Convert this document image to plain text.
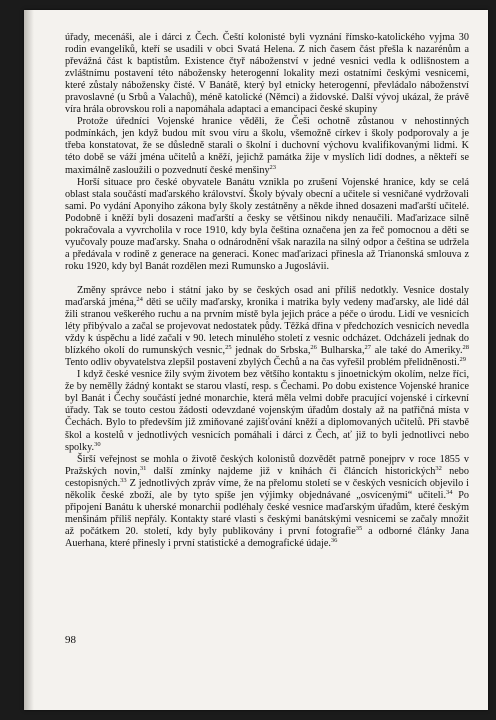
úřady, mecenáši, ale i dárci z Čech. Čeští kolonisté byli vyznání římsko-katolického vyjma 30 rodin evangelíků, kteří se usadili v obci Svatá Helena. Z nich časem část přešla k nazarénům a převážná část k baptistům. Existence čtyř náboženství v jedné vesnici vedla k odlišnostem a zvláštnímu postavení této nábožensky heterogenní lokality mezi ostatními českými vesnicemi, které zůstaly nábožensky čisté. V Banátě, který byl etnicky heterogenní, převládalo náboženství pravoslavné (u Srbů a Valachů), méně katolické (Němci) a židovské. Další vývoj ukázal, že právě víra hrála obrovskou roli a napomáhala adaptaci a emancipaci české skupiny

Protože úředníci Vojenské hranice věděli, že Češi ochotně zůstanou v nehostinných podmínkách, jen když budou mít svou víru a školu, všemožně církev i školy podporovaly a je třeba konstatovat, že se důsledně starali o školní i duchovní výchovu kvalifikovanými lidmi. K této době se váží jména učitelů a kněží, jejichž památka žije v myslích lidí dodnes, a někteří se maximálně zasloužili o pozvednutí české menšiny$^{23}$

Horší situace pro české obyvatele Banátu vznikla po zrušení Vojenské hranice, kdy se celá oblast stala součástí maďarského království. Školy bývaly obecní a učitele si vesničané vydržovali sami. Po vydání Aponyiho zákona byly školy zestátněny a někde ihned dosazeni maďarští učitelé. Podobně i kněží byli dosazeni maďarští a česky se většinou nikdy nenaučili. Maďarizace silně pokračovala a vyvrcholila v roce 1910, kdy byla čeština označena jen za řeč pomocnou a děti se vyučovaly pouze maďarsky. Snaha o odnárodnění však narazila na silný odpor a čeština se udržela a předávala v rodině z generace na generaci. Konec maďarizaci přinesla až Trianonská smlouva z roku 1920, kdy byl Banát rozdělen mezi Rumunsko a Jugoslávii.

Změny správce nebo i státní jako by se českých osad ani příliš nedotkly. Vesnice dostaly maďarská jména,$^{24}$ děti se učily maďarsky, kronika i matrika byly vedeny maďarsky, ale lidé dál žili stranou veškerého ruchu a na prvním místě byla jejich práce a péče o úrodu. Lidí ve vesnicích léty přibývalo a začal se projevovat nedostatek půdy. Těžká dřina v předchozích vesnicích nevedla vždy k úspěchu a lidé začali v 90. letech minulého století z vesnic odcházet. Odcházeli jednak do blízkého okolí do rumunských vesnic,$^{25}$ jednak do Srbska,$^{26}$ Bulharska,$^{27}$ ale také do Ameriky.$^{28}$ Tento odliv obyvatelstva zlepšil postavení zbylých Čechů a na čas vyřešil problém přelidněnosti.$^{29}$

I když české vesnice žily svým životem bez většího kontaktu s jinoetnickým okolím, nelze říci, že by nemělly žádný kontakt se starou vlastí, resp. s Čechami. Po dobu existence Vojenské hranice byl Banát i Čechy součástí jedné monarchie, která měla velmi dobře pracující vojenské i církevní úřady. Tak se touto cestou žádosti odevzdané vojenským úřadům dostaly až na patřičná místa v Čechách. Bylo to především již zmiňované zajišťování kněží a diplomovaných učitelů. Při stavbě škol a kostelů v jednotlivých vesnicích pomáhali i dárci z Čech, ať již to byli jednotlivci nebo spolky.$^{30}$

Širší veřejnost se mohla o životě českých kolonistů dozvědět patrně ponejprv v roce 1855 v Pražských novin,$^{31}$ další zmínky najdeme již v knihách či článcích historických$^{32}$ nebo cestopisných.$^{33}$ Z jednotlivých zpráv víme, že na přelomu století se v českých vesnicích objevilo i několik české zboží, ale by tyto spíše jen výjimky objednávané „osvícenými“ učiteli.$^{34}$ Po připojení Banátu k uherské monarchii podléhaly české vesnice maďarským úřadům, které českým menšinám příliš nepřály. Kontakty staré vlasti s českými banátskými vesnicemi se začaly množit až počátkem 20. století, kdy byly publikovány i první fotografie$^{35}$ a odborné články Jana Auerhana, které přinesly i první statistické a demografické údaje.$^{36}$

98
